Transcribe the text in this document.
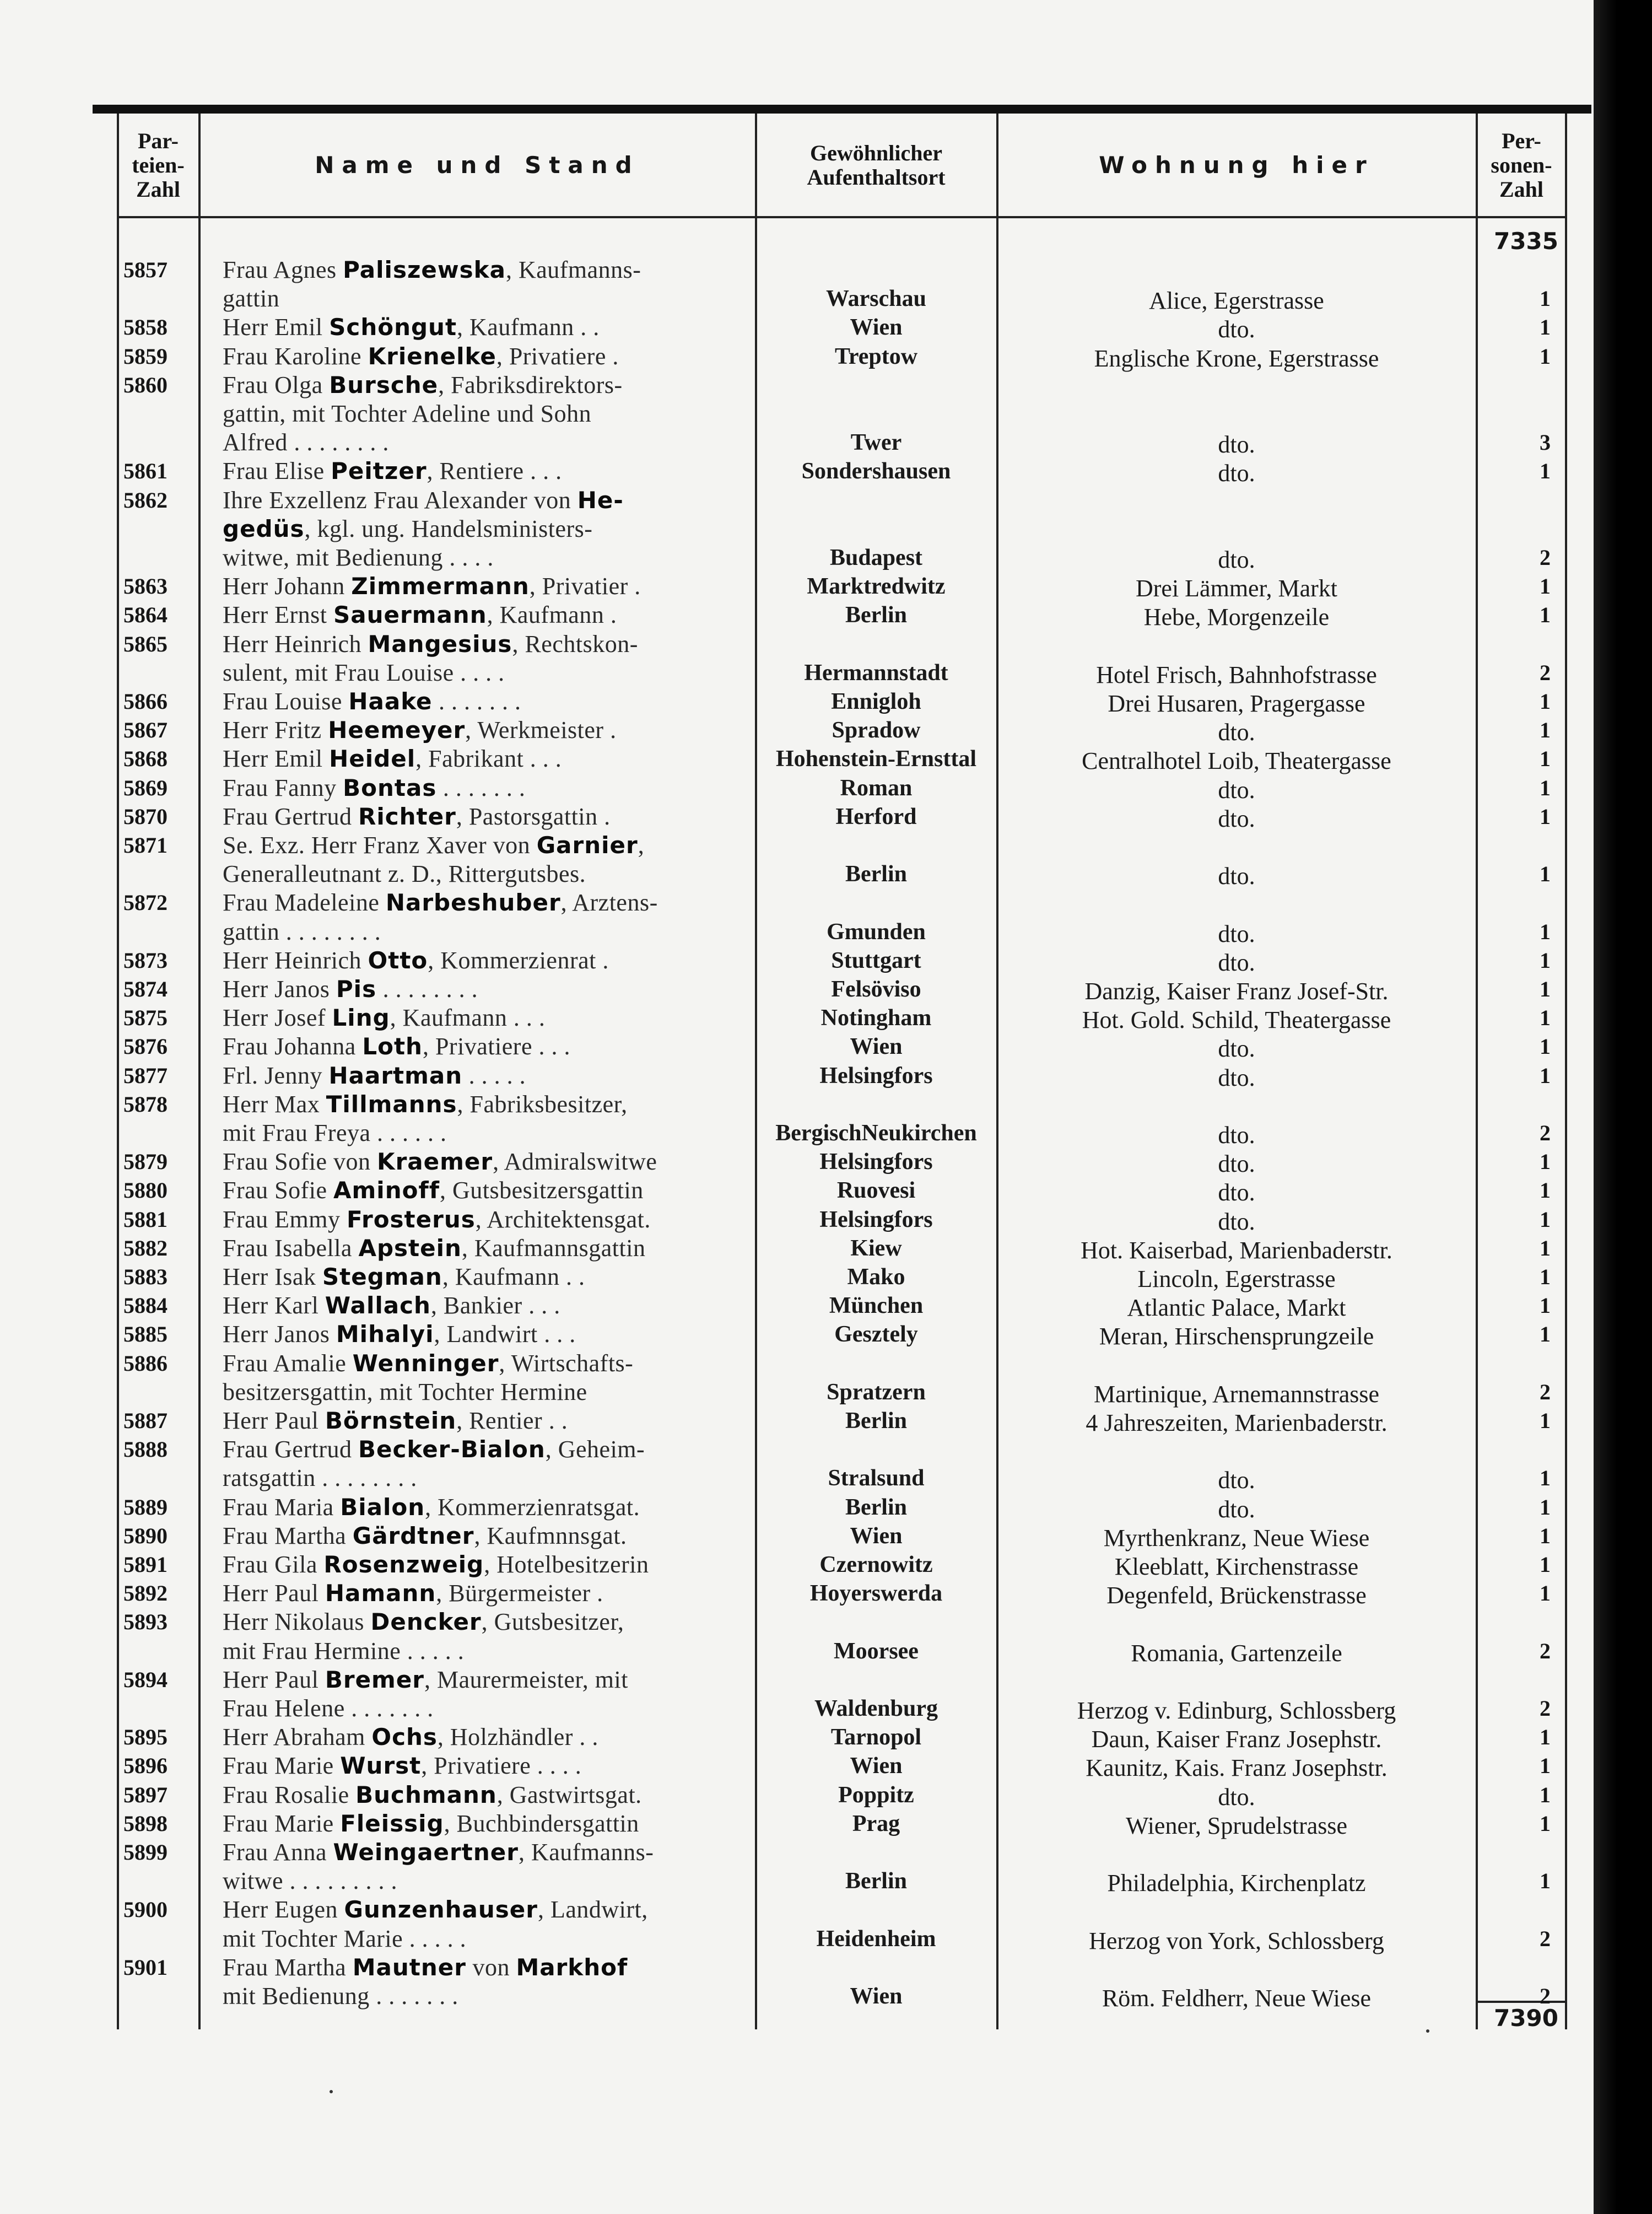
Par-
teien-
Zahl
Name und Stand	Gewöhnlicher
Aufenthaltsort	Wohnung hier
Per-
sonen-
Zahl
7335
5857 Frau Agnes Paliszewska, Kaufmanns-
gattin	Warschau	Alice, Egerstrasse	1
5858 Herr Emil Schöngut, Kaufmann . .	Wien	dto.	1
5859 Frau Karoline Krienelke, Privatiere .	Treptow	Englische Krone, Egerstrasse	1
5860 Frau Olga Bursche, Fabriksdirektors-
gattin, mit Tochter Adeline und Sohn
Alfred . . . . . . . .	Twer	dto.	3
5861 Frau Elise Peitzer, Rentiere . . .	Sondershausen	dto.	1
5862 Ihre Exzellenz Frau Alexander von He-
gedüs, kgl. ung. Handelsministers-
witwe, mit Bedienung . . . .	Budapest	dto.	2
5863 Herr Johann Zimmermann, Privatier .	Marktredwitz	Drei Lämmer, Markt	1
5864 Herr Ernst Sauermann, Kaufmann .	Berlin	Hebe, Morgenzeile	1
5865 Herr Heinrich Mangesius, Rechtskon-
sulent, mit Frau Louise . . . .	Hermannstadt	Hotel Frisch, Bahnhofstrasse	2
5866 Frau Louise Haake . . . . . . .	Ennigloh	Drei Husaren, Pragergasse	1
5867 Herr Fritz Heemeyer, Werkmeister .	Spradow	dto.	1
5868 Herr Emil Heidel, Fabrikant . . .	Hohenstein-Ernsttal	Centralhotel Loib, Theatergasse	1
5869 Frau Fanny Bontas . . . . . . .	Roman	dto.	1
5870 Frau Gertrud Richter, Pastorsgattin .	Herford	dto.	1
5871 Se. Exz. Herr Franz Xaver von Garnier,
Generalleutnant z. D., Rittergutsbes.	Berlin	dto.	1
5872 Frau Madeleine Narbeshuber, Arztens-
gattin . . . . . . . .	Gmunden	dto.	1
5873 Herr Heinrich Otto, Kommerzienrat .	Stuttgart	dto.	1
5874 Herr Janos Pis . . . . . . . .	Felsöviso	Danzig, Kaiser Franz Josef-Str.	1
5875 Herr Josef Ling, Kaufmann . . .	Notingham	Hot. Gold. Schild, Theatergasse	1
5876 Frau Johanna Loth, Privatiere . . .	Wien	dto.	1
5877 Frl. Jenny Haartman . . . . .	Helsingfors	dto.	1
5878 Herr Max Tillmanns, Fabriksbesitzer,
mit Frau Freya . . . . . .	BergischNeukirchen	dto.	2
5879 Frau Sofie von Kraemer, Admiralswitwe	Helsingfors	dto.	1
5880 Frau Sofie Aminoff, Gutsbesitzersgattin	Ruovesi	dto.	1
5881 Frau Emmy Frosterus, Architektensgat.	Helsingfors	dto.	1
5882 Frau Isabella Apstein, Kaufmannsgattin	Kiew	Hot. Kaiserbad, Marienbaderstr.	1
5883 Herr Isak Stegman, Kaufmann . .	Mako	Lincoln, Egerstrasse	1
5884 Herr Karl Wallach, Bankier . . .	München	Atlantic Palace, Markt	1
5885 Herr Janos Mihalyi, Landwirt . . .	Gesztely	Meran, Hirschensprungzeile	1
5886 Frau Amalie Wenninger, Wirtschafts-
besitzersgattin, mit Tochter Hermine	Spratzern	Martinique, Arnemannstrasse	2
5887 Herr Paul Börnstein, Rentier . .	Berlin	4 Jahreszeiten, Marienbaderstr.	1
5888 Frau Gertrud Becker-Bialon, Geheim-
ratsgattin . . . . . . . .	Stralsund	dto.	1
5889 Frau Maria Bialon, Kommerzienratsgat.	Berlin	dto.	1
5890 Frau Martha Gärdtner, Kaufmnnsgat.	Wien	Myrthenkranz, Neue Wiese	1
5891 Frau Gila Rosenzweig, Hotelbesitzerin	Czernowitz	Kleeblatt, Kirchenstrasse	1
5892 Herr Paul Hamann, Bürgermeister .	Hoyerswerda	Degenfeld, Brückenstrasse	1
5893 Herr Nikolaus Dencker, Gutsbesitzer,
mit Frau Hermine . . . . .	Moorsee	Romania, Gartenzeile	2
5894 Herr Paul Bremer, Maurermeister, mit
Frau Helene . . . . . . .	Waldenburg	Herzog v. Edinburg, Schlossberg	2
5895 Herr Abraham Ochs, Holzhändler . .	Tarnopol	Daun, Kaiser Franz Josephstr.	1
5896 Frau Marie Wurst, Privatiere . . . .	Wien	Kaunitz, Kais. Franz Josephstr.	1
5897 Frau Rosalie Buchmann, Gastwirtsgat.	Poppitz	dto.	1
5898 Frau Marie Fleissig, Buchbindersgattin	Prag	Wiener, Sprudelstrasse	1
5899 Frau Anna Weingaertner, Kaufmanns-
witwe . . . . . . . . .	Berlin	Philadelphia, Kirchenplatz	1
5900 Herr Eugen Gunzenhauser, Landwirt,
mit Tochter Marie . . . . .	Heidenheim	Herzog von York, Schlossberg	2
5901 Frau Martha Mautner von Markhof
mit Bedienung . . . . . . .	Wien	Röm. Feldherr, Neue Wiese	2
7390
